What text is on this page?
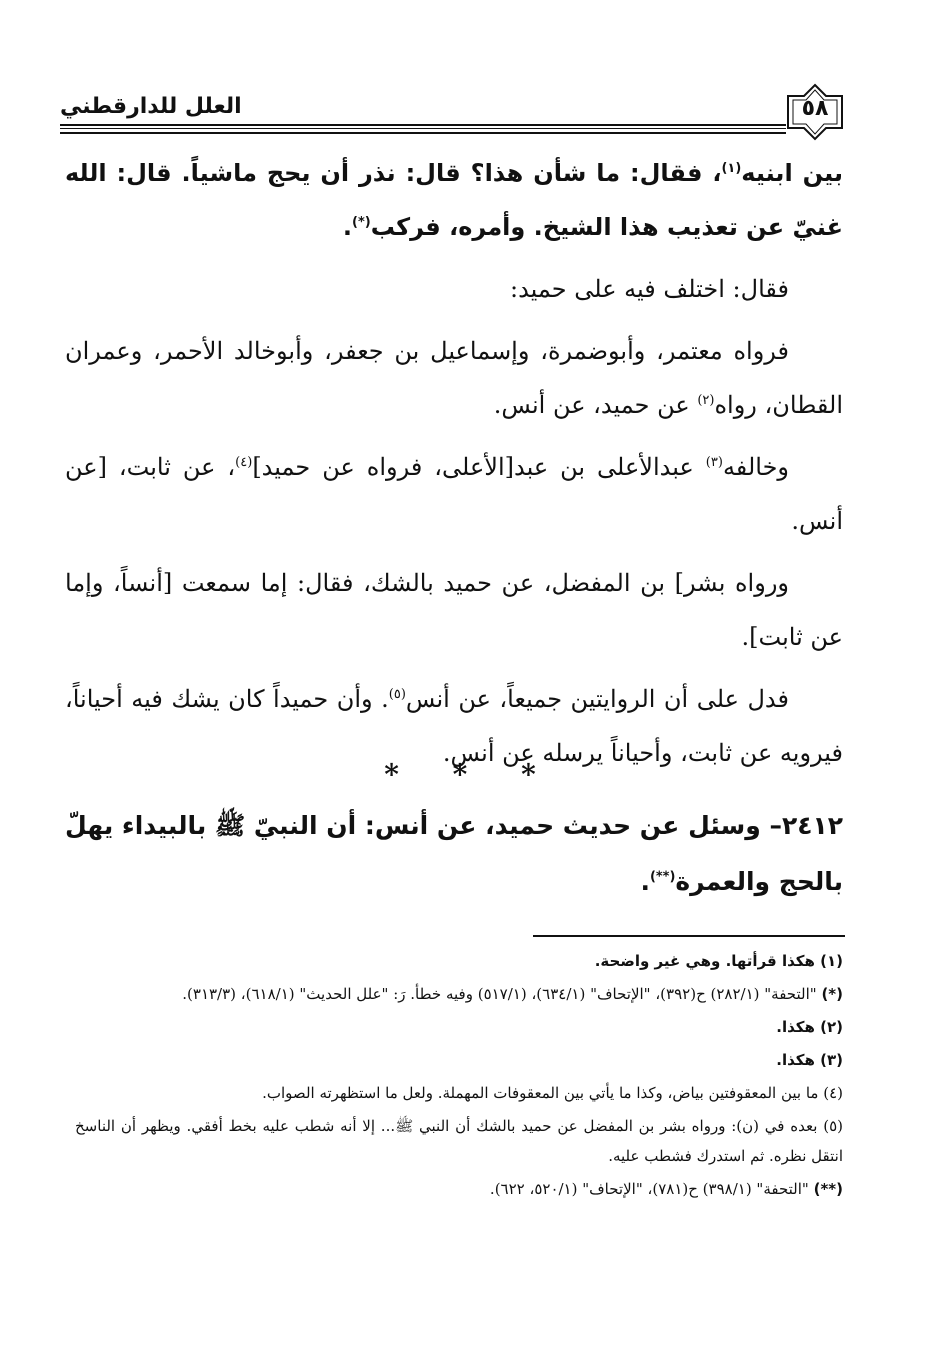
العلل للدارقطني	٥٨

بين ابنيه$^{(١)}$، فقال: ما شأن هذا؟ قال: نذر أن يحج ماشياً. قال: الله غنيّ عن تعذيب هذا الشيخ. وأمره، فركب(*).

فقال: اختلف فيه على حميد:

فرواه معتمر، وأبوضمرة، وإسماعيل بن جعفر، وأبوخالد الأحمر، وعمران القطان، رواه$^{(٢)}$ عن حميد، عن أنس.

وخالفه$^{(٣)}$ عبدالأعلى بن عبد[الأعلى، فرواه عن حميد]$^{(٤)}$، عن ثابت، [عن أنس.

ورواه بشر] بن المفضل، عن حميد بالشك، فقال: إما سمعت [أنساً، وإما عن ثابت].

فدل على أن الروايتين جميعاً، عن أنس$^{(٥)}$. وأن حميداً كان يشك فيه أحياناً، فيرويه عن ثابت، وأحياناً يرسله عن أنس.

* * *
٢٤١٢– وسئل عن حديث حميد، عن أنس: أن النبيّ ﷺ بالبيداء يهلّ بالحج والعمرة(**).
(١) هكذا قرأتها. وهي غير واضحة.
(*) "التحفة" (٢٨٢/١) ح(٣٩٢)، "الإتحاف" (٦٣٤/١)، (٥١٧/١) وفيه خطأ. رَ: "علل الحديث" (٦١٨/١)، (٣١٣/٣).
(٢) هكذا.
(٣) هكذا.
(٤) ما بين المعقوفتين بياض، وكذا ما يأتي بين المعقوفات المهملة. ولعل ما استظهرته الصواب.
(٥) بعده في (ن): ورواه بشر بن المفضل عن حميد بالشك أن النبي ﷺ... إلا أنه شطب عليه بخط أفقي. ويظهر أن الناسخ انتقل نظره. ثم استدرك فشطب عليه.
(**) "التحفة" (٣٩٨/١) ح(٧٨١)، "الإتحاف" (٥٢٠/١، ٦٢٢).
